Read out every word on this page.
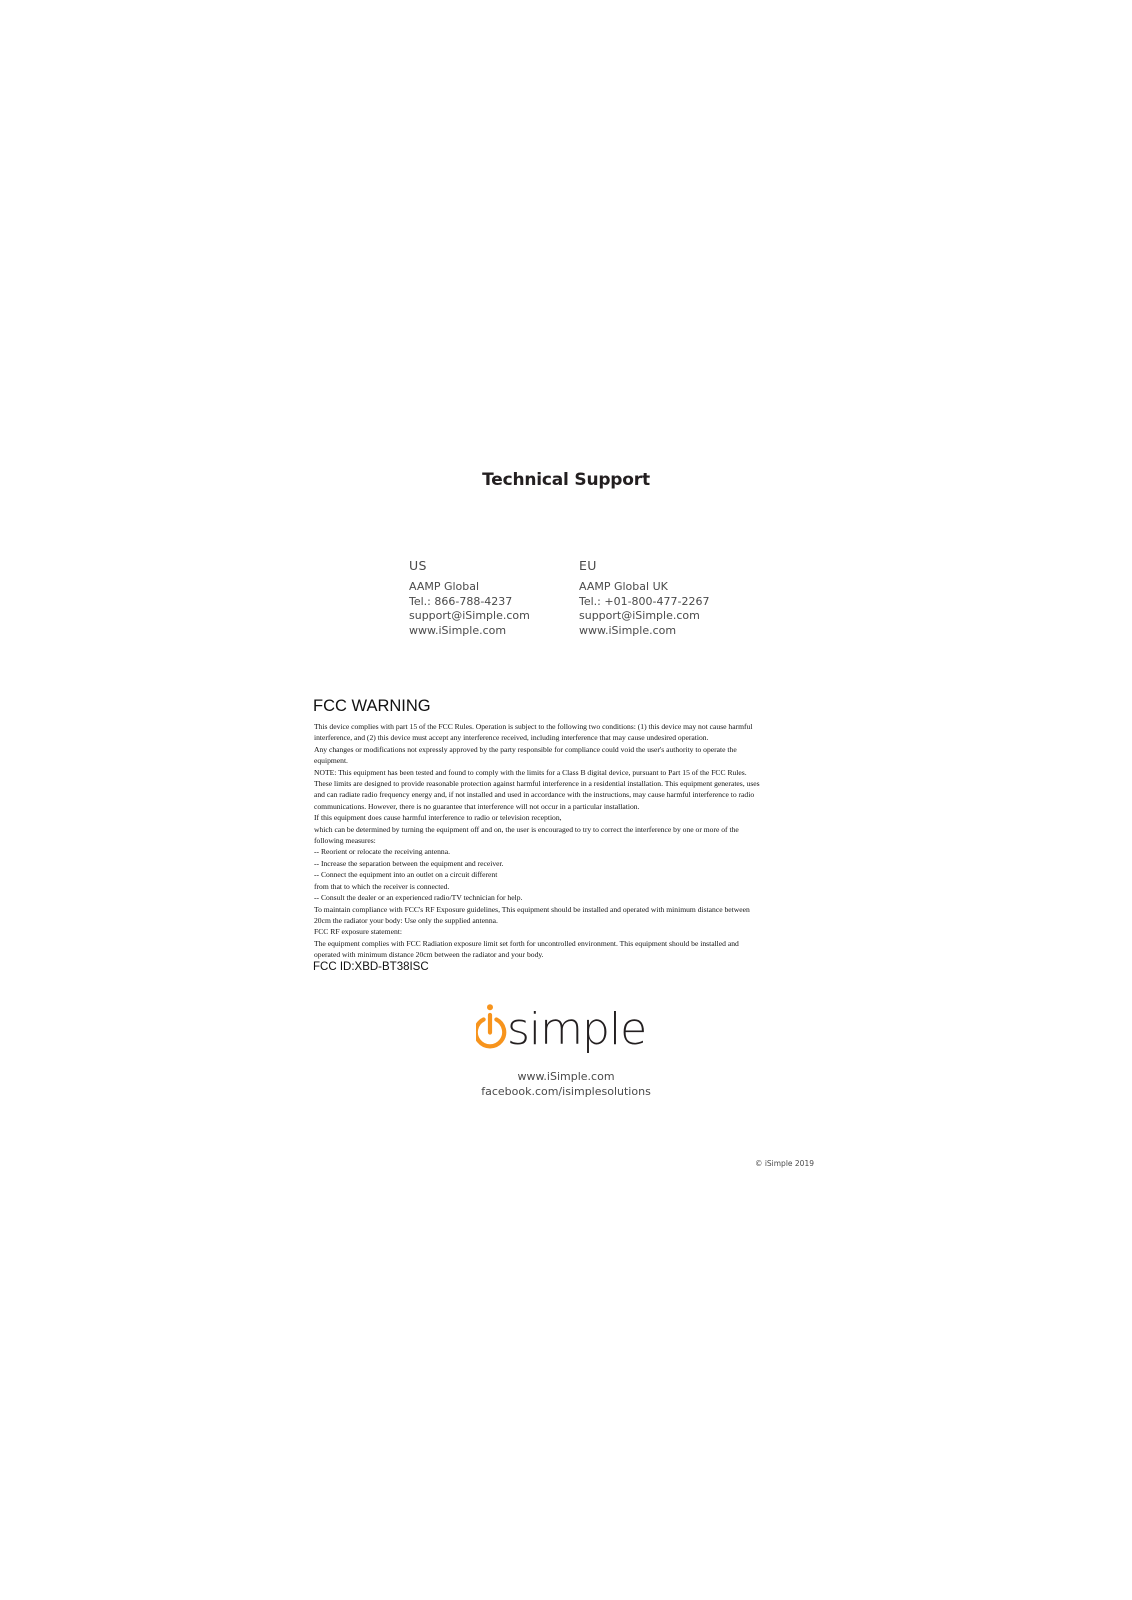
Technical Support
US
AAMP Global
Tel.: 866-788-4237
support@iSimple.com
www.iSimple.com
EU
AAMP Global UK
Tel.: +01-800-477-2267
support@iSimple.com
www.iSimple.com
FCC WARNING
This device complies with part 15 of the FCC Rules. Operation is subject to the following two conditions: (1) this device may not cause harmful
interference, and (2) this device must accept any interference received, including interference that may cause undesired operation.
Any changes or modifications not expressly approved by the party responsible for compliance could void the user's authority to operate the
equipment.
NOTE: This equipment has been tested and found to comply with the limits for a Class B digital device, pursuant to Part 15 of the FCC Rules.
These limits are designed to provide reasonable protection against harmful interference in a residential installation. This equipment generates, uses
and can radiate radio frequency energy and, if not installed and used in accordance with the instructions, may cause harmful interference to radio
communications. However, there is no guarantee that interference will not occur in a particular installation.
If this equipment does cause harmful interference to radio or television reception,
which can be determined by turning the equipment off and on, the user is encouraged to try to correct the interference by one or more of the
following measures:
-- Reorient or relocate the receiving antenna.
-- Increase the separation between the equipment and receiver.
-- Connect the equipment into an outlet on a circuit different
from that to which the receiver is connected.
-- Consult the dealer or an experienced radio/TV technician for help.
To maintain compliance with FCC's RF Exposure guidelines, This equipment should be installed and operated with minimum distance between
20cm the radiator your body: Use only the supplied antenna.
FCC RF exposure statement:
The equipment complies with FCC Radiation exposure limit set forth for uncontrolled environment. This equipment should be installed and
operated with minimum distance 20cm between the radiator and your body.
FCC ID:XBD-BT38ISC
simple
www.iSimple.com
facebook.com/isimplesolutions
© iSimple 2019
